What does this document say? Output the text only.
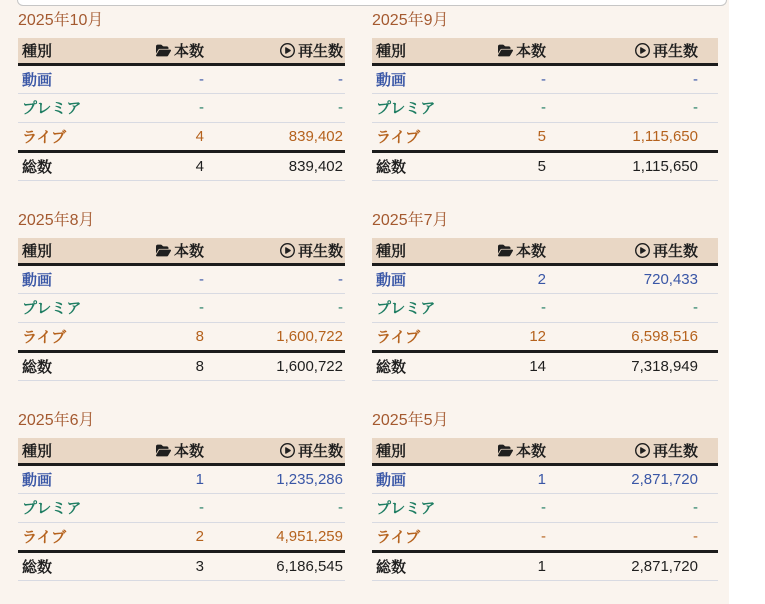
2025年10月
種別	本数	再生数
動画	-	-
プレミア	-	-
ライブ	4	839,402
総数	4	839,402
2025年9月
種別	本数	再生数
動画	-	-
プレミア	-	-
ライブ	5	1,115,650
総数	5	1,115,650
2025年8月
種別	本数	再生数
動画	-	-
プレミア	-	-
ライブ	8	1,600,722
総数	8	1,600,722
2025年7月
種別	本数	再生数
動画	2	720,433
プレミア	-	-
ライブ	12	6,598,516
総数	14	7,318,949
2025年6月
種別	本数	再生数
動画	1	1,235,286
プレミア	-	-
ライブ	2	4,951,259
総数	3	6,186,545
2025年5月
種別	本数	再生数
動画	1	2,871,720
プレミア	-	-
ライブ	-	-
総数	1	2,871,720
